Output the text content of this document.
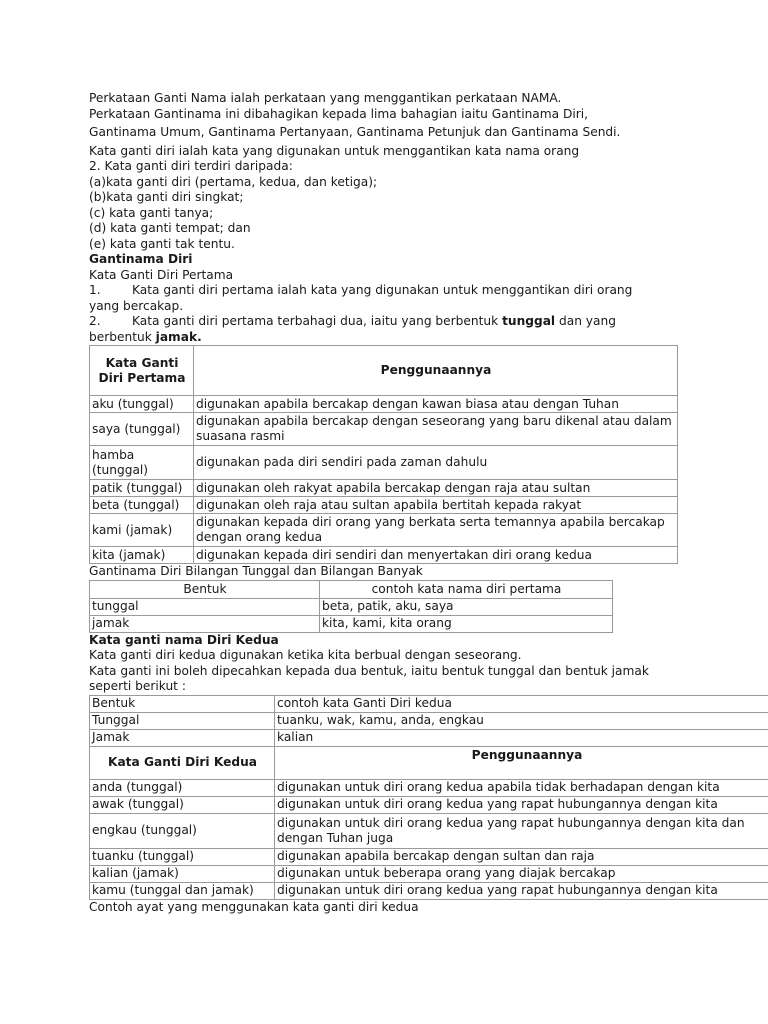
Perkataan Ganti Nama ialah perkataan yang menggantikan perkataan NAMA.
Perkataan Gantinama ini dibahagikan kepada lima bahagian iaitu Gantinama Diri,
Gantinama Umum, Gantinama Pertanyaan, Gantinama Petunjuk dan Gantinama Sendi.
Kata ganti diri ialah kata yang digunakan untuk menggantikan kata nama orang
2. Kata ganti diri terdiri daripada:
(a)kata ganti diri (pertama, kedua, dan ketiga);
(b)kata ganti diri singkat;
(c) kata ganti tanya;
(d) kata ganti tempat; dan
(e) kata ganti tak tentu.
Gantinama Diri
Kata Ganti Diri Pertama
1.	Kata ganti diri pertama ialah kata yang digunakan untuk menggantikan diri orang
yang bercakap.
2.	Kata ganti diri pertama terbahagi dua, iaitu yang berbentuk tunggal dan yang
berbentuk jamak.
Kata Ganti Diri Pertama	Penggunaannya
aku (tunggal)	digunakan apabila bercakap dengan kawan biasa atau dengan Tuhan
saya (tunggal)	digunakan apabila bercakap dengan seseorang yang baru dikenal atau dalam suasana rasmi
hamba (tunggal)	digunakan pada diri sendiri pada zaman dahulu
patik (tunggal)	digunakan oleh rakyat apabila bercakap dengan raja atau sultan
beta (tunggal)	digunakan oleh raja atau sultan apabila bertitah kepada rakyat
kami (jamak)	digunakan kepada diri orang yang berkata serta temannya apabila bercakap dengan orang kedua
kita (jamak)	digunakan kepada diri sendiri dan menyertakan diri orang kedua
Gantinama Diri Bilangan Tunggal dan Bilangan Banyak
Bentuk	contoh kata nama diri pertama
tunggal	beta, patik, aku, saya
jamak	kita, kami, kita orang
Kata ganti nama Diri Kedua
Kata ganti diri kedua digunakan ketika kita berbual dengan seseorang.
Kata ganti ini boleh dipecahkan kepada dua bentuk, iaitu bentuk tunggal dan bentuk jamak
seperti berikut :
Bentuk	contoh kata Ganti Diri kedua
Tunggal	tuanku, wak, kamu, anda, engkau
Jamak	kalian
Kata Ganti Diri Kedua	Penggunaannya
anda (tunggal)	digunakan untuk diri orang kedua apabila tidak berhadapan dengan kita
awak (tunggal)	digunakan untuk diri orang kedua yang rapat hubungannya dengan kita
engkau (tunggal)	digunakan untuk diri orang kedua yang rapat hubungannya dengan kita dan dengan Tuhan juga
tuanku (tunggal)	digunakan apabila bercakap dengan sultan dan raja
kalian (jamak)	digunakan untuk beberapa orang yang diajak bercakap
kamu (tunggal dan jamak)	digunakan untuk diri orang kedua yang rapat hubungannya dengan kita
Contoh ayat yang menggunakan kata ganti diri kedua
